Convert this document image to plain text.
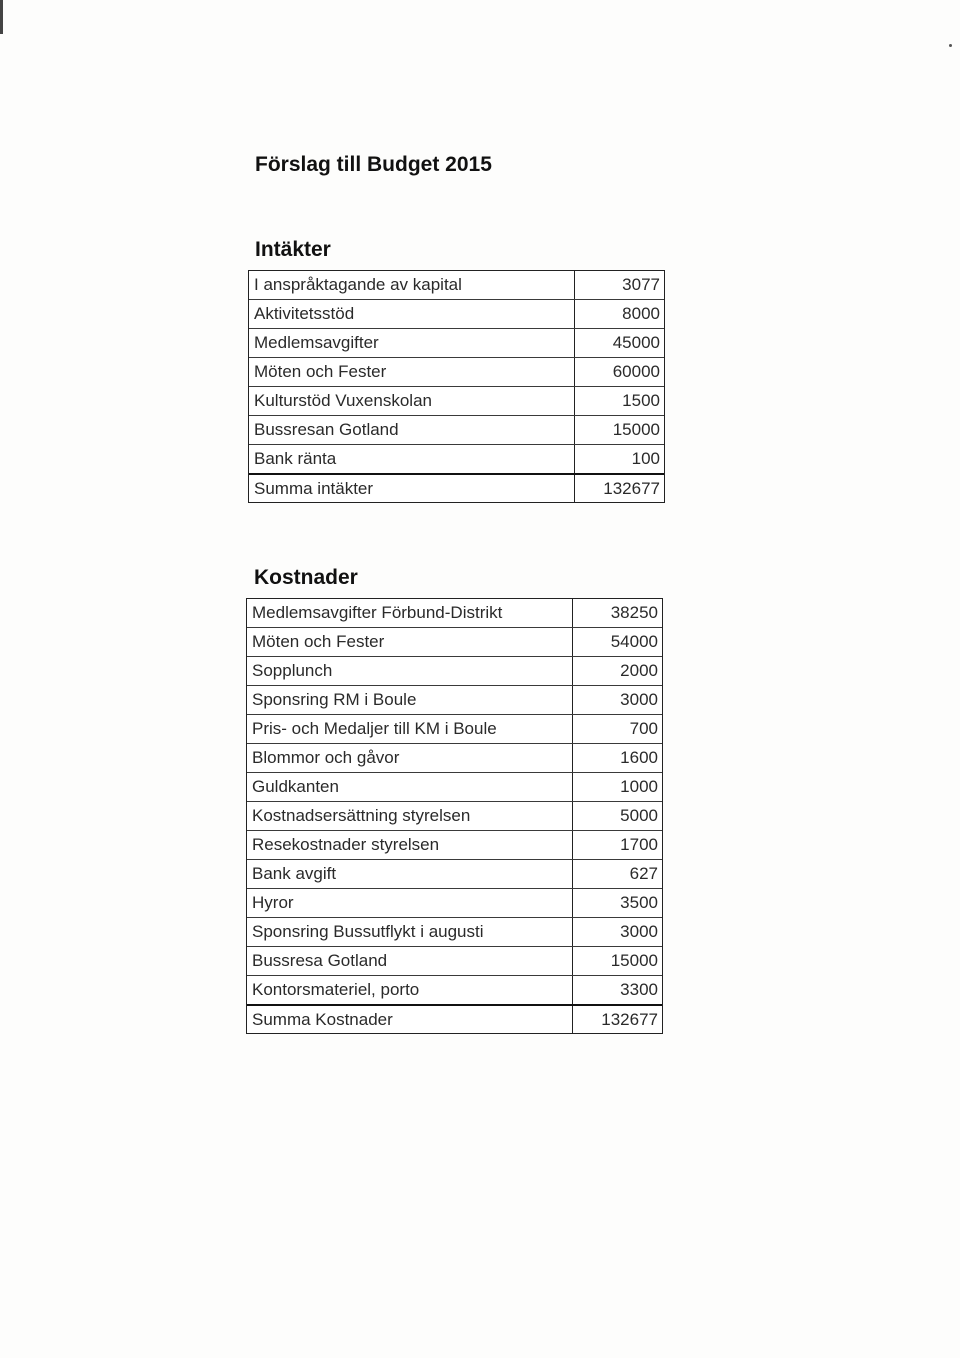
Förslag till Budget 2015
Intäkter
I anspråktagande av kapital	3077
Aktivitetsstöd	8000
Medlemsavgifter	45000
Möten och Fester	60000
Kulturstöd Vuxenskolan	1500
Bussresan Gotland	15000
Bank ränta	100
Summa intäkter	132677
Kostnader
Medlemsavgifter Förbund-Distrikt	38250
Möten och Fester	54000
Sopplunch	2000
Sponsring RM i Boule	3000
Pris- och Medaljer till KM i Boule	700
Blommor och gåvor	1600
Guldkanten	1000
Kostnadsersättning styrelsen	5000
Resekostnader styrelsen	1700
Bank avgift	627
Hyror	3500
Sponsring Bussutflykt i augusti	3000
Bussresa Gotland	15000
Kontorsmateriel, porto	3300
Summa Kostnader	132677
